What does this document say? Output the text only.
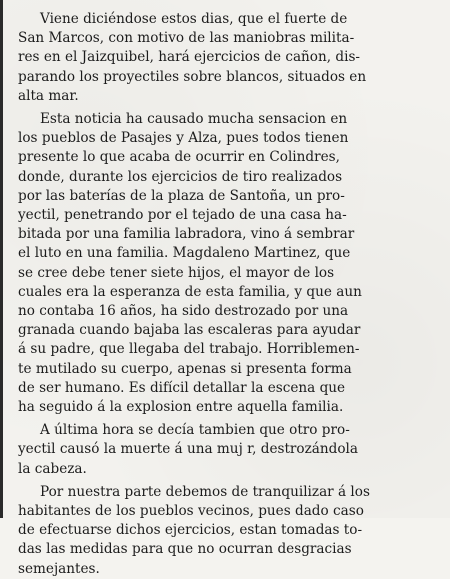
Viene diciéndose estos dias, que el fuerte de
San Marcos, con motivo de las maniobras milita-
res en el Jaizquibel, hará ejercicios de cañon, dis-
parando los proyectiles sobre blancos, situados en
alta mar.

Esta noticia ha causado mucha sensacion en
los pueblos de Pasajes y Alza, pues todos tienen
presente lo que acaba de ocurrir en Colindres,
donde, durante los ejercicios de tiro realizados
por las baterías de la plaza de Santoña, un pro-
yectil, penetrando por el tejado de una casa ha-
bitada por una familia labradora, vino á sembrar
el luto en una familia. Magdaleno Martinez, que
se cree debe tener siete hijos, el mayor de los
cuales era la esperanza de esta familia, y que aun
no contaba 16 años, ha sido destrozado por una
granada cuando bajaba las escaleras para ayudar
á su padre, que llegaba del trabajo. Horriblemen-
te mutilado su cuerpo, apenas si presenta forma
de ser humano. Es difícil detallar la escena que
ha seguido á la explosion entre aquella familia.

A última hora se decía tambien que otro pro-
yectil causó la muerte á una muj r, destrozándola
la cabeza.

Por nuestra parte debemos de tranquilizar á los
habitantes de los pueblos vecinos, pues dado caso
de efectuarse dichos ejercicios, estan tomadas to-
das las medidas para que no ocurran desgracias
semejantes.
